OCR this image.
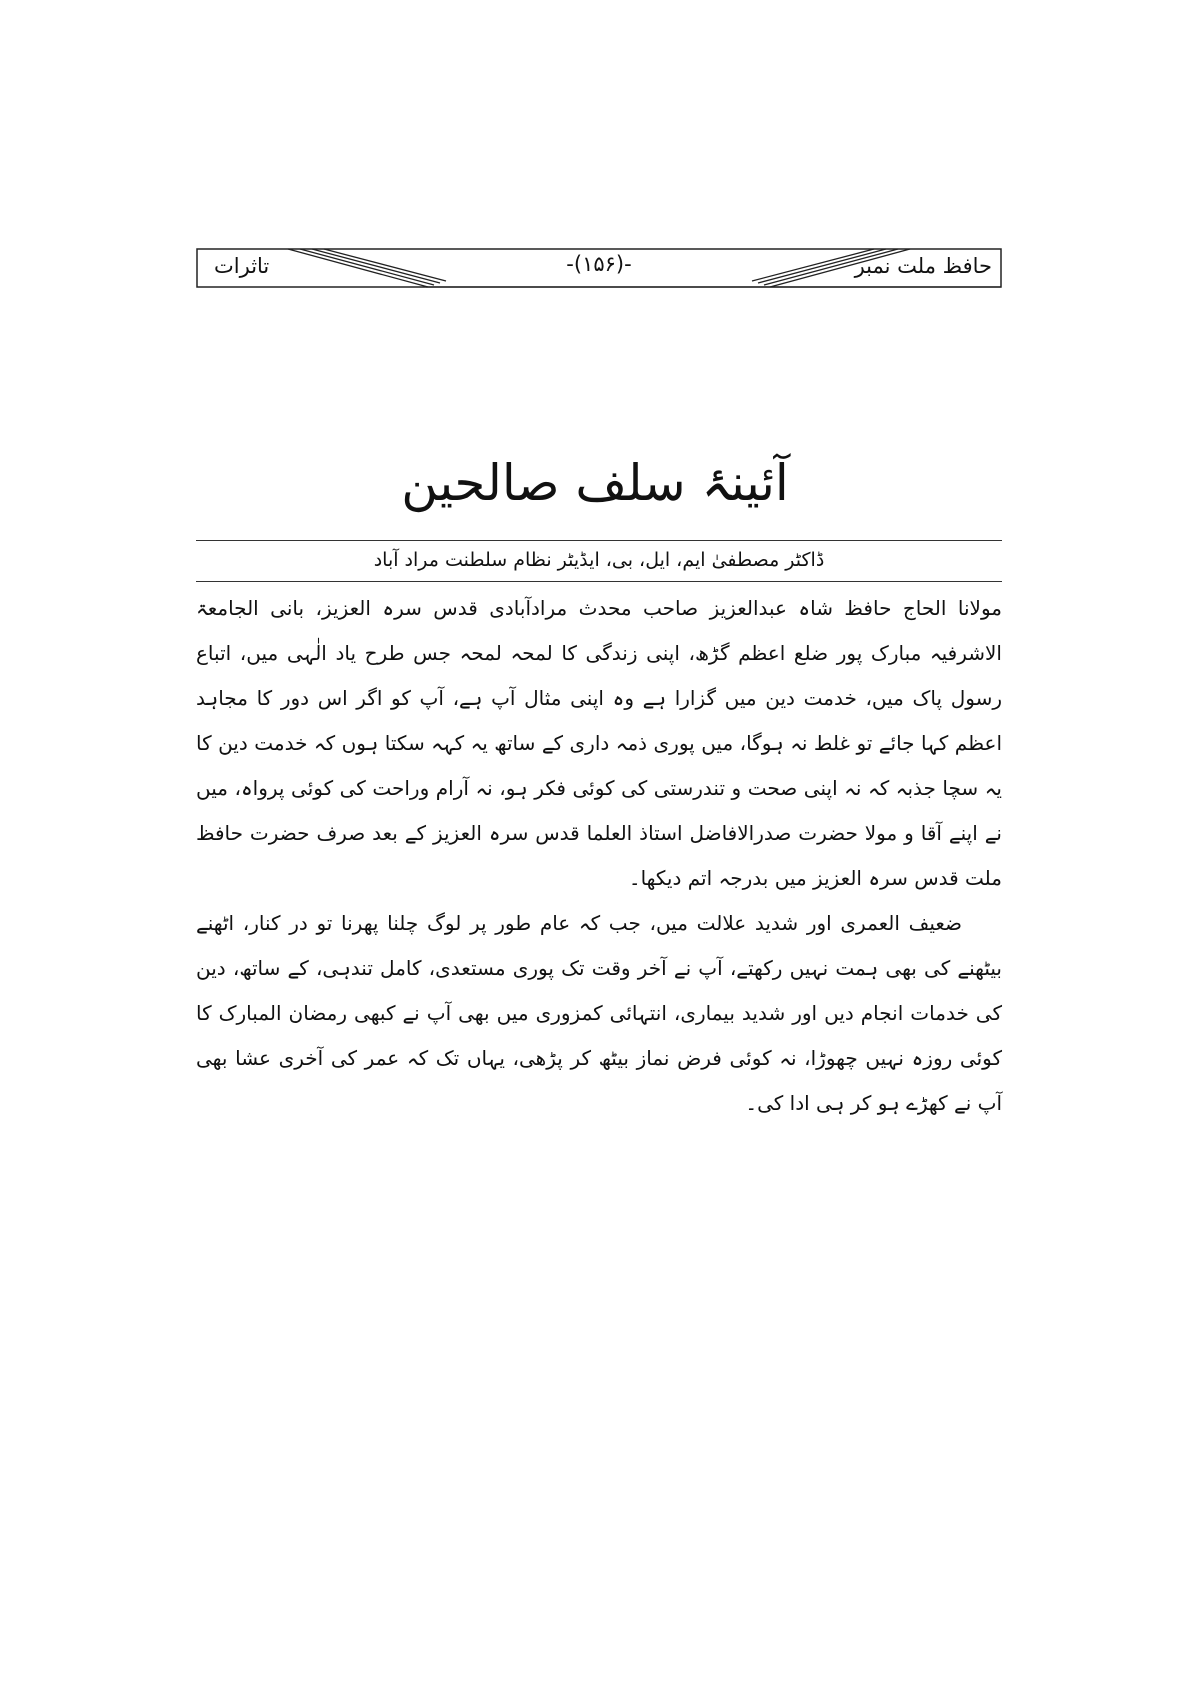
حافظ ملت نمبر
-(۱۵۶)-
تاثرات
آئینۂ سلف صالحین
ڈاکٹر مصطفیٰ ایم، ایل، بی، ایڈیٹر نظام سلطنت مراد آباد

مولانا الحاج حافظ شاہ عبدالعزیز صاحب محدث مرادآبادی قدس سرہ العزیز، بانی الجامعۃ الاشرفیہ مبارک پور ضلع اعظم گڑھ، اپنی زندگی کا لمحہ لمحہ جس طرح یاد الٰہی میں، اتباع رسول پاک میں، خدمت دین میں گزارا ہے وہ اپنی مثال آپ ہے، آپ کو اگر اس دور کا مجاہد اعظم کہا جائے تو غلط نہ ہوگا، میں پوری ذمہ داری کے ساتھ یہ کہہ سکتا ہوں کہ خدمت دین کا یہ سچا جذبہ کہ نہ اپنی صحت و تندرستی کی کوئی فکر ہو، نہ آرام وراحت کی کوئی پرواہ، میں نے اپنے آقا و مولا حضرت صدرالافاضل استاذ العلما قدس سرہ العزیز کے بعد صرف حضرت حافظ ملت قدس سرہ العزیز میں بدرجہ اتم دیکھا۔

ضعیف العمری اور شدید علالت میں، جب کہ عام طور پر لوگ چلنا پھرنا تو در کنار، اٹھنے بیٹھنے کی بھی ہمت نہیں رکھتے، آپ نے آخر وقت تک پوری مستعدی، کامل تندہی، کے ساتھ، دین کی خدمات انجام دیں اور شدید بیماری، انتہائی کمزوری میں بھی آپ نے کبھی رمضان المبارک کا کوئی روزہ نہیں چھوڑا، نہ کوئی فرض نماز بیٹھ کر پڑھی، یہاں تک کہ عمر کی آخری عشا بھی آپ نے کھڑے ہو کر ہی ادا کی۔
